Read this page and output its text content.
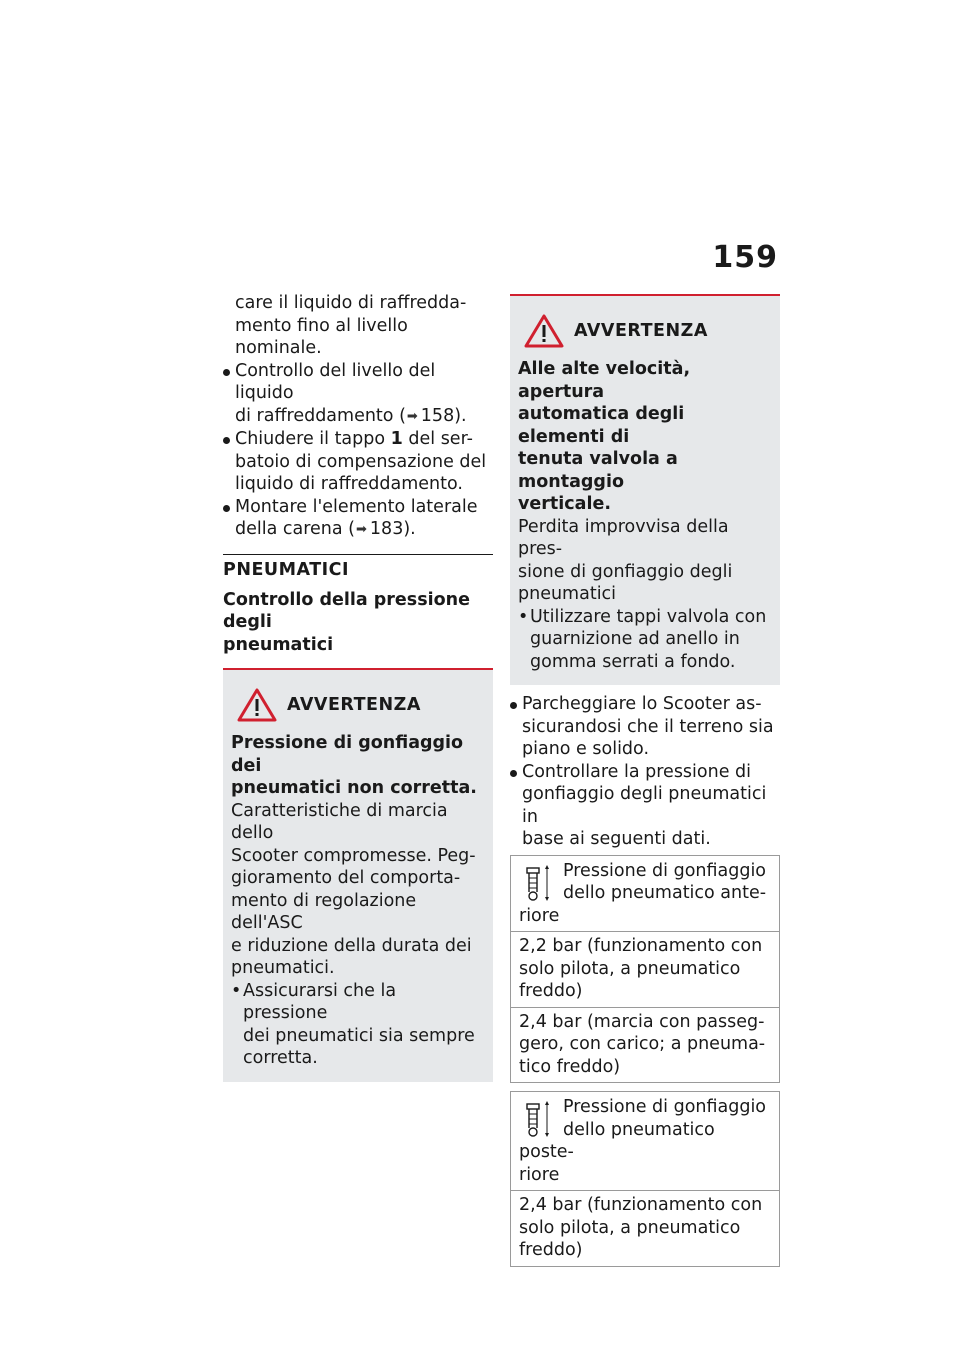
159
care il liquido di raffredda-
mento fino al livello nominale.
Controllo del livello del liquido
di raffreddamento (➡ 158).
Chiudere il tappo 1 del ser-
batoio di compensazione del
liquido di raffreddamento.
Montare l'elemento laterale
della carena (➡ 183).
PNEUMATICI
Controllo della pressione degli
pneumatici
AVVERTENZA
Pressione di gonfiaggio dei
pneumatici non corretta.
Caratteristiche di marcia dello
Scooter compromesse. Peg-
gioramento del comporta-
mento di regolazione dell'ASC
e riduzione della durata dei
pneumatici.
• Assicurarsi che la pressione
dei pneumatici sia sempre
corretta.
AVVERTENZA
Alle alte velocità, apertura
automatica degli elementi di
tenuta valvola a montaggio
verticale.
Perdita improvvisa della pres-
sione di gonfiaggio degli
pneumatici
• Utilizzare tappi valvola con
guarnizione ad anello in
gomma serrati a fondo.
Parcheggiare lo Scooter as-
sicurandosi che il terreno sia
piano e solido.
Controllare la pressione di
gonfiaggio degli pneumatici in
base ai seguenti dati.
Pressione di gonfiaggio
dello pneumatico ante-
riore
2,2 bar (funzionamento con
solo pilota, a pneumatico
freddo)
2,4 bar (marcia con passeg-
gero, con carico; a pneuma-
tico freddo)
Pressione di gonfiaggio
dello pneumatico poste-
riore
2,4 bar (funzionamento con
solo pilota, a pneumatico
freddo)
